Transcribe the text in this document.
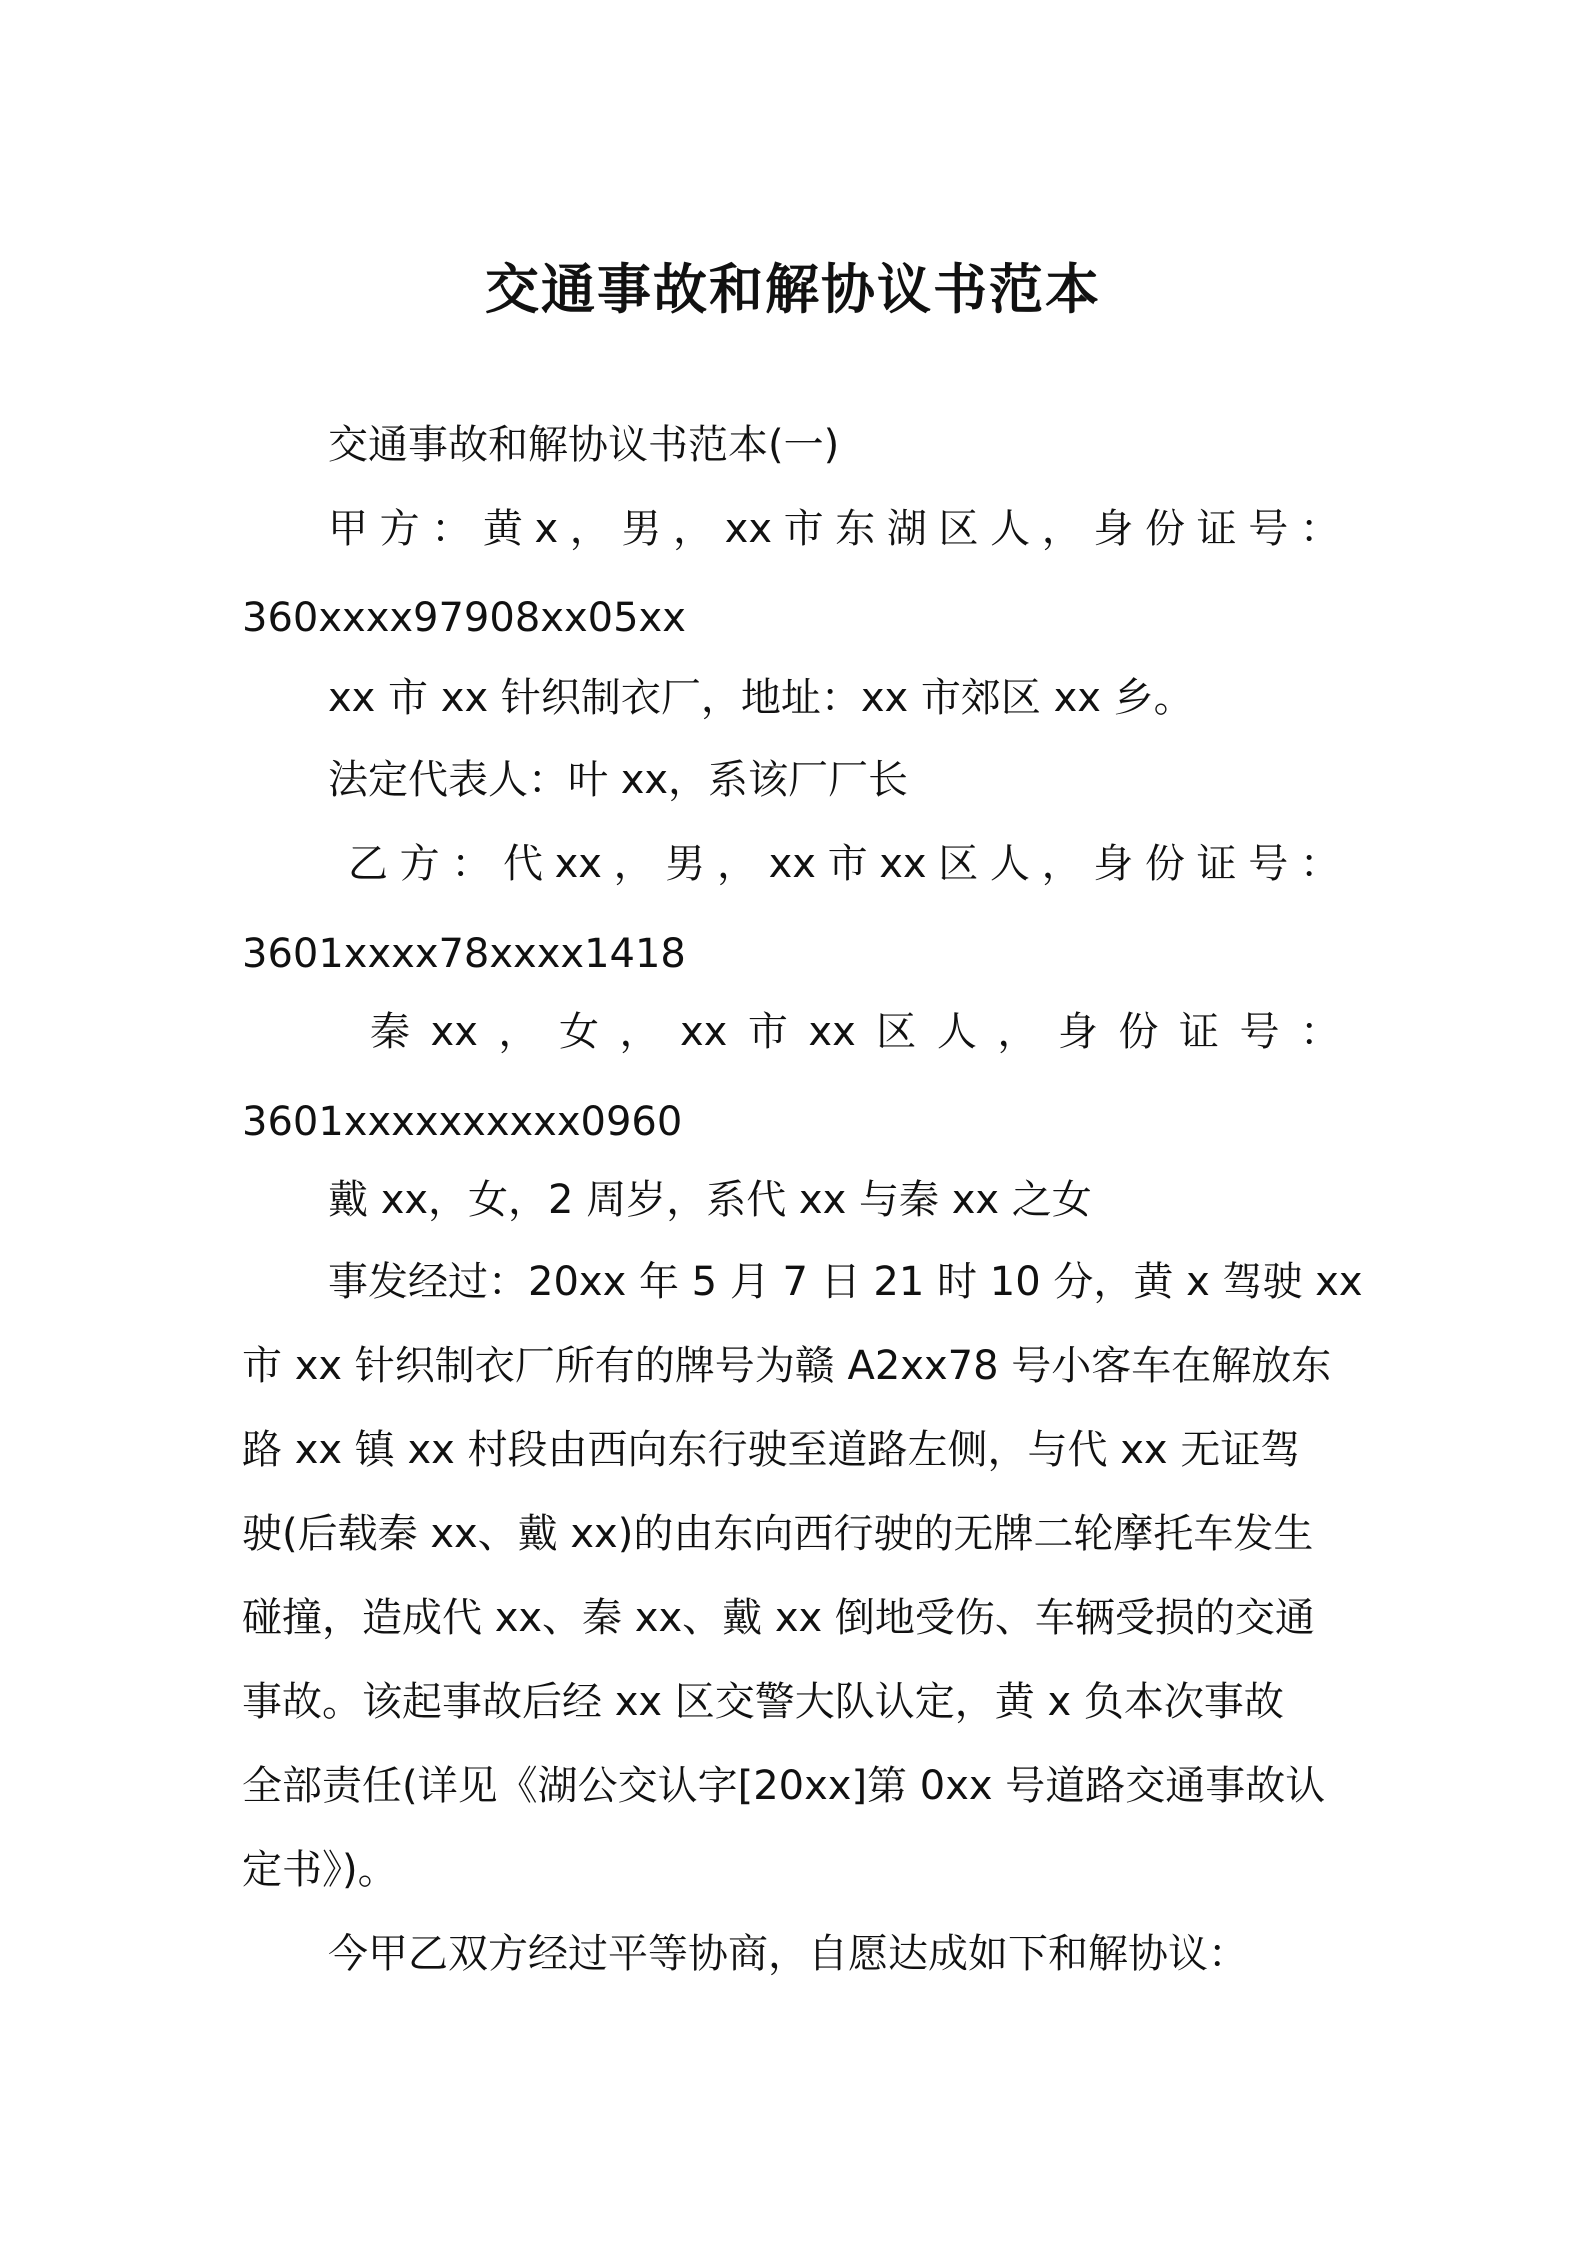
交通事故和解协议书范本
交通事故和解协议书范本(一)
甲 方 ： 黄 x ， 男 ， xx 市 东 湖 区 人 ， 身 份 证 号 ：
360xxxx97908xx05xx
xx 市 xx 针织制衣厂，地址：xx 市郊区 xx 乡。
法定代表人：叶 xx，系该厂厂长
乙 方 ： 代 xx ， 男 ， xx 市 xx 区 人 ， 身 份 证 号 ：
3601xxxx78xxxx1418
秦 xx ， 女 ， xx 市 xx 区 人 ， 身 份 证 号 ：
3601xxxxxxxxxx0960
戴 xx，女，2 周岁，系代 xx 与秦 xx 之女
事发经过：20xx 年 5 月 7 日 21 时 10 分，黄 x 驾驶 xx
市 xx 针织制衣厂所有的牌号为赣 A2xx78 号小客车在解放东
路 xx 镇 xx 村段由西向东行驶至道路左侧，与代 xx 无证驾
驶(后载秦 xx、戴 xx)的由东向西行驶的无牌二轮摩托车发生
碰撞，造成代 xx、秦 xx、戴 xx 倒地受伤、车辆受损的交通
事故。该起事故后经 xx 区交警大队认定，黄 x 负本次事故
全部责任(详见《湖公交认字[20xx]第 0xx 号道路交通事故认
定书》)。
今甲乙双方经过平等协商，自愿达成如下和解协议：
